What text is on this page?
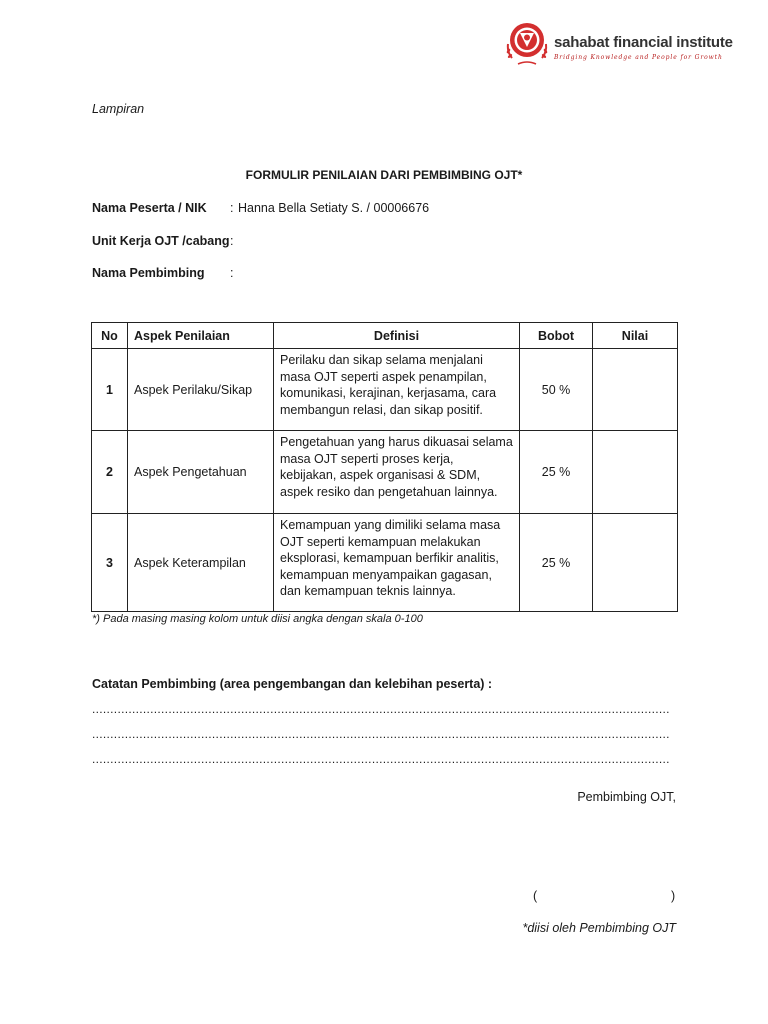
sahabat financial institute
Bridging Knowledge and People for Growth
Lampiran
FORMULIR PENILAIAN DARI PEMBIMBING OJT*
Nama Peserta / NIK : Hanna Bella Setiaty S. / 00006676
Unit Kerja OJT /cabang :
Nama Pembimbing :
No	Aspek Penilaian	Definisi	Bobot	Nilai
1	Aspek Perilaku/Sikap	Perilaku dan sikap selama menjalani masa OJT seperti aspek penampilan, komunikasi, kerajinan, kerjasama, cara membangun relasi, dan sikap positif.	50 %	
2	Aspek Pengetahuan	Pengetahuan yang harus dikuasai selama masa OJT seperti proses kerja, kebijakan, aspek organisasi & SDM, aspek resiko dan pengetahuan lainnya.	25 %	
3	Aspek Keterampilan	Kemampuan yang dimiliki selama masa OJT seperti kemampuan melakukan eksplorasi, kemampuan berfikir analitis, kemampuan menyampaikan gagasan, dan kemampuan teknis lainnya.	25 %	
*) Pada masing masing kolom untuk diisi angka dengan skala 0-100
Catatan Pembimbing (area pengembangan dan kelebihan peserta) :
...............................................................................................................................................................
...............................................................................................................................................................
...............................................................................................................................................................
Pembimbing OJT,
(	)
*diisi oleh Pembimbing OJT
